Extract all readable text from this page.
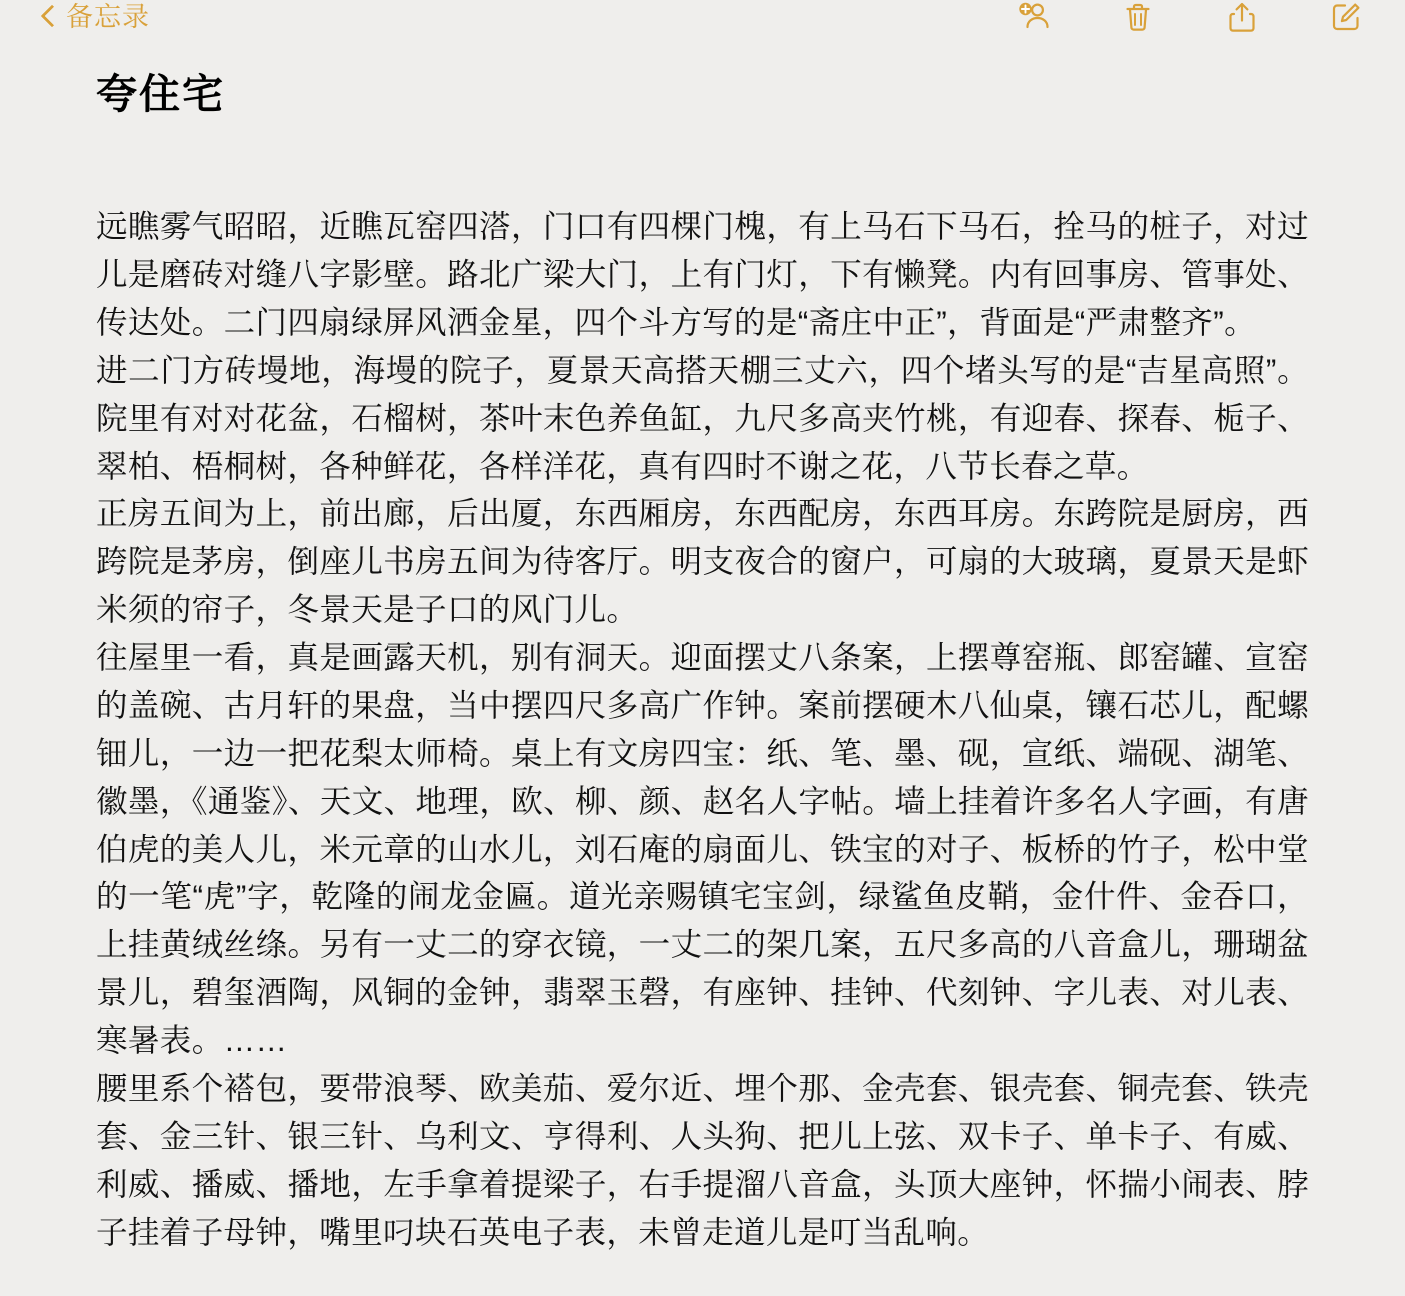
备忘录
夸住宅

远瞧雾气昭昭，近瞧瓦窑四溚，门口有四棵门槐，有上马石下马石，拴马的桩子，对过儿是磨砖对缝八字影壁。路北广梁大门，上有门灯，下有懒凳。内有回事房、管事处、传达处。二门四扇绿屏风洒金星，四个斗方写的是“斋庄中正”，背面是“严肃整齐”。

进二门方砖墁地，海墁的院子，夏景天高搭天棚三丈六，四个堵头写的是“吉星高照”。院里有对对花盆，石榴树，茶叶末色养鱼缸，九尺多高夹竹桃，有迎春、探春、栀子、翠柏、梧桐树，各种鲜花，各样洋花，真有四时不谢之花，八节长春之草。

正房五间为上，前出廊，后出厦，东西厢房，东西配房，东西耳房。东跨院是厨房，西跨院是茅房，倒座儿书房五间为待客厅。明支夜合的窗户，可扇的大玻璃，夏景天是虾米须的帘子，冬景天是子口的风门儿。

往屋里一看，真是画露天机，别有洞天。迎面摆丈八条案，上摆尊窑瓶、郎窑罐、宣窑的盖碗、古月轩的果盘，当中摆四尺多高广作钟。案前摆硬木八仙桌，镶石芯儿，配螺钿儿，一边一把花梨太师椅。桌上有文房四宝：纸、笔、墨、砚，宣纸、端砚、湖笔、徽墨，《通鉴》、天文、地理，欧、柳、颜、赵名人字帖。墙上挂着许多名人字画，有唐伯虎的美人儿，米元章的山水儿，刘石庵的扇面儿、铁宝的对子、板桥的竹子，松中堂的一笔“虎”字，乾隆的闹龙金匾。道光亲赐镇宅宝剑，绿鲨鱼皮鞘，金什件、金吞口，上挂黄绒丝绦。另有一丈二的穿衣镜，一丈二的架几案，五尺多高的八音盒儿，珊瑚盆景儿，碧玺酒陶，风铜的金钟，翡翠玉磬，有座钟、挂钟、代刻钟、字儿表、对儿表、寒暑表。……

腰里系个褡包，要带浪琴、欧美茄、爱尔近、埋个那、金壳套、银壳套、铜壳套、铁壳套、金三针、银三针、乌利文、亨得利、人头狗、把儿上弦、双卡子、单卡子、有威、利威、播威、播地，左手拿着提梁子，右手提溜八音盒，头顶大座钟，怀揣小闹表、脖子挂着子母钟，嘴里叼块石英电子表，未曾走道儿是叮当乱响。
